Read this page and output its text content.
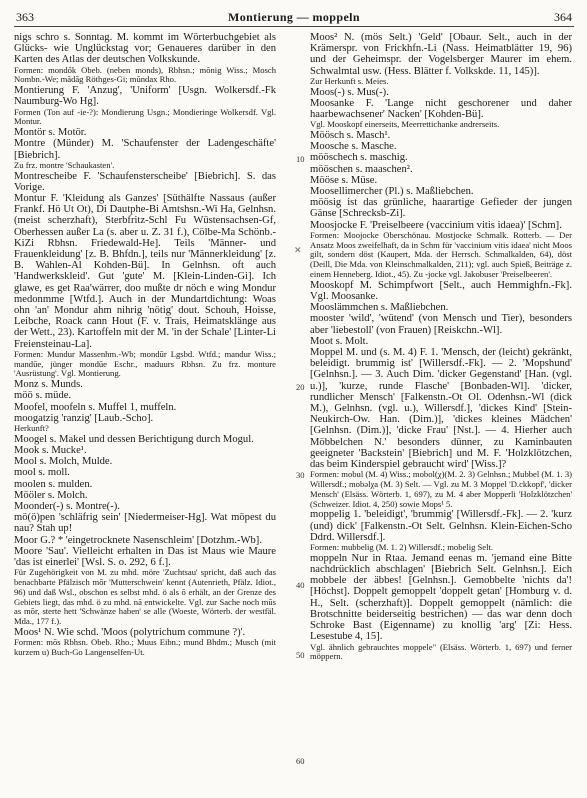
363	Montierung — moppeln	364

nigs schro s. Sonntag. M. kommt im Wörterbuchgebiet als Glücks- wie Unglückstag vor; Genaueres darüber in den Karten des Atlas der deutschen Volkskunde.

Formen: mondők Obeb. (neben monds), Rbhsn.; mōnig Wiss.; Mosch Nombn.-We; mădăg Röthges-Gi; mŭndax Rho.

Montierung F. 'Anzug', 'Uniform' [Usgn. Wolkersdf.-Fk Naumburg-Wo Hg].

Formen (Ton auf -ie-?): Mondierung Usgn.; Mondieringe Wolkersdf. Vgl. Montur.

Montör s. Motör.

Montre (Münder) M. 'Schaufenster der Ladengeschäfte' [Biebrich].

Zu frz. montre 'Schaukasten'.

Montrescheibe F. 'Schaufensterscheibe' [Biebrich]. S. das Vorige.

Montur F. 'Kleidung als Ganzes' [Süthälfte Nassaus (außer Frankf. Hö Ut Ot), Di Dautphe-Bi Amtshsn.-Wi Ha, Gelnhsn. (meist scherzhaft), Sterbfritz-Schl Fu Wüstensachsen-Gf, Oberhessen außer La (s. aber u. Z. 31 f.), Cölbe-Ma Schönb.-KiZi Rbhsn. Friedewald-He]. Teils 'Männer- und Frauenkleidung' [z. B. Bhfdn.], teils nur 'Männerkleidung' [z. B. Wahlen-Al Kohden-Bü]. In Gelnhsn. oft auch 'Handwerkskleid'. Gut 'gute' M. [Klein-Linden-Gi]. Ich glawe, es get Raa'wärrer, doo mußte dr nöch e wing Mondur medonmme [Wtfd.]. Auch in der Mundartdichtung: Woas ohn 'an' Mondur ahm nihrig 'nötig' dout. Schouh, Hoisse, Leibche, Roack cann Hout (F. v. Trais, Heimatsklänge aus der Wett., 23). Kartoffeln mit der M. 'in der Schale' [Linter-Li Freiensteinau-La].

Formen: Mundur Massenhm.-Wb; mondūr Lgsbd. Wtfd.; mandur Wiss.; mandūe, jünger mondūe Eschr., maduurs Rbhsn. Zu frz. monture 'Ausrüstung'. Vgl. Montierung.

Monz s. Munds.

möö s. müde.

Moofel, moofeln s. Muffel 1, muffeln.

moogatzig 'ranzig' [Laub.-Scho].

Herkunft?

Moogel s. Makel und dessen Berichtigung durch Mogul.

Mook s. Mucke¹.

Mool s. Molch, Mulde.

mool s. moll.

moolen s. mulden.

Mööler s. Molch.

Moonder(-) s. Montre(-).

mö(ö)pen 'schläfrig sein' [Niedermeiser-Hg]. Wat möpest du nau? Stah up!

Moor G.? * 'eingetrocknete Nasenschleim' [Dotzhm.-Wb].

Moore 'Sau'. Vielleicht erhalten in Das ist Maus wie Maure 'das ist einerlei' [Wsl. S. o. 292, 6 f.].

Für Zugehörigkeit von M. zu mhd. möre 'Zuchtsau' spricht, daß auch das benachbarte Pfälzisch mōr 'Mutterschwein' kennt (Autenrieth, Pfälz. Idiot., 96) und daß Wsl., obschon es selbst mhd. ö als ō erhält, an der Grenze des Gebiets liegt, das mhd. ö zu mhd. nā entwickelte. Vgl. zur Sache noch mūs as mōr, sterte hett 'Schwänze haben' se alle (Woeste, Wörterb. der westfäl. Mda., 177 f.).

Moos¹ N. Wie schd. 'Moos (polytrichum commune ?)'.

Formen: mōs Rbhsn. Obeb. Rho.; Muus Eibn.; mund Bhdm.; Musch (mit kurzem u) Buch-Go Langenselfen-Ut.

10
20
30
40
50
60
✕

Moos² N. (mös Selt.) 'Geld' [Obaur. Selt., auch in der Krämerspr. von Frickhfn.-Li (Nass. Heimatblätter 19, 96) und der Geheimspr. der Vogelsberger Maurer im ehem. Schwalmtal usw. (Hess. Blätter f. Volkskde. 11, 145)].

Zur Herkunft s. Meies.

Moos(-) s. Mus(-).

Moosanke F. 'Lange nicht geschorener und daher haarbewachsener' Nacken' [Kohden-Bü].

Vgl. Mooskopf einerseits, Meerrettichanke andrerseits.

Möösch s. Masch¹.

Moosche s. Masche.

mööschech s. maschig.

mööschen s. maaschen².

Mööse s. Müse.

Moosellimercher (Pl.) s. Maßliebchen.

möösig ist das grünliche, haarartige Gefieder der jungen Gänse [Schrecksb-Zi].

Moosjocke F. 'Preiselbeere (vaccinium vitis idaea)' [Schm].

Formen: Moojocke Oberschönau. Mostjocke Schmalk. Rotterb. — Der Ansatz Moos zweifelhaft, da in Schm für 'vaccinium vitis idaea' nicht Moos gilt, sondern döst (Kaupert, Mda. der Herrsch. Schmalkalden, 64), döst (Deill, Die Mda. von Kleinschmalkalden, 211); vgl. auch Spieß, Beiträge z. einem Henneberg. Idiot., 45). Zu -jocke vgl. Jakobuser 'Preiselbeeren'.

Mooskopf M. Schimpfwort [Selt., auch Hemmighfn.-Fk]. Vgl. Moosanke.

Mooslämmchen s. Maßliebchen.

mooster 'wild', 'wütend' (von Mensch und Tier), besonders aber 'liebestoll' (von Frauen) [Reiskchn.-Wl].

Moot s. Molt.

Moppel M. und (s. M. 4) F. 1. 'Mensch, der (leicht) gekränkt, beleidigt. brummig ist' [Willersdf.-Fk]. — 2. 'Mopshund' [Gelnhsn.]. — 3. Auch Dim. 'dicker Gegenstand' [Han. (vgl. u.)], 'kurze, runde Flasche' [Bonbaden-Wl]. 'dicker, rundlicher Mensch' [Falkenstn.-Ot Ol. Odenhsn.-Wl (dick M.), Gelnhsn. (vgl. u.), Willersdf.], 'dickes Kind' [Stein-Neukirch-Ow. Han. (Dim.)], 'dickes kleines Mädchen' [Gelnhsn. (Dim.)], 'dicke Frau' [Nst.]. — 4. Hierher auch Möbbelchen N.' besonders dünner, zu Kaminbauten geeigneter 'Backstein' [Biebrich] und M. F. 'Holzklötzchen, das beim Kinderspiel gebraucht wird' [Wiss.]?

Formen: mobul (M. 4) Wiss.; mobol(χ)(M. 2. 3) Gelnhsn.; Mubbel (M. 1. 3) Willersdf.; mobəlχa (M. 3) Selt. — Vgl. zu M. 3 Moppel 'D.ckkopf', 'dicker Mensch' (Elsäss. Wörterb. 1, 697), zu M. 4 aber Mopperli 'Holzklötzchen' (Schweizer. Idiot. 4, 250) sowie Mops¹ 5.

moppelig 1. 'beleidigt', 'brummig' [Willersdf.-Fk]. — 2. 'kurz (und) dick' [Falkenstn.-Ot Selt. Gelnhsn. Klein-Eichen-Scho Ddrd. Willersdf.].

Formen: mubbelig (M. 1. 2) Willersdf.; mobelig Selt.

moppeln Nur in Rtaa. Jemand eenas m. 'jemand eine Bitte nachdrücklich abschlagen' [Biebrich Selt. Gelnhsn.]. Eich mobbele der äbbes! [Gelnhsn.]. Gemobbelte 'nichts da'! [Höchst]. Doppelt gemoppelt 'doppelt getan' [Homburg v. d. H., Selt. (scherzhaft)]. Doppelt gemoppelt (nämlich: die Brotschnitte beiderseitig bestrichen) — das war denn doch Schroke Bast (Eigenname) zu knollig 'arg' [Zi: Hess. Lesestube 4, 15].

Vgl. ähnlich gebrauchtes moppele" (Elsäss. Wörterb. 1, 697) und ferner möppern.
